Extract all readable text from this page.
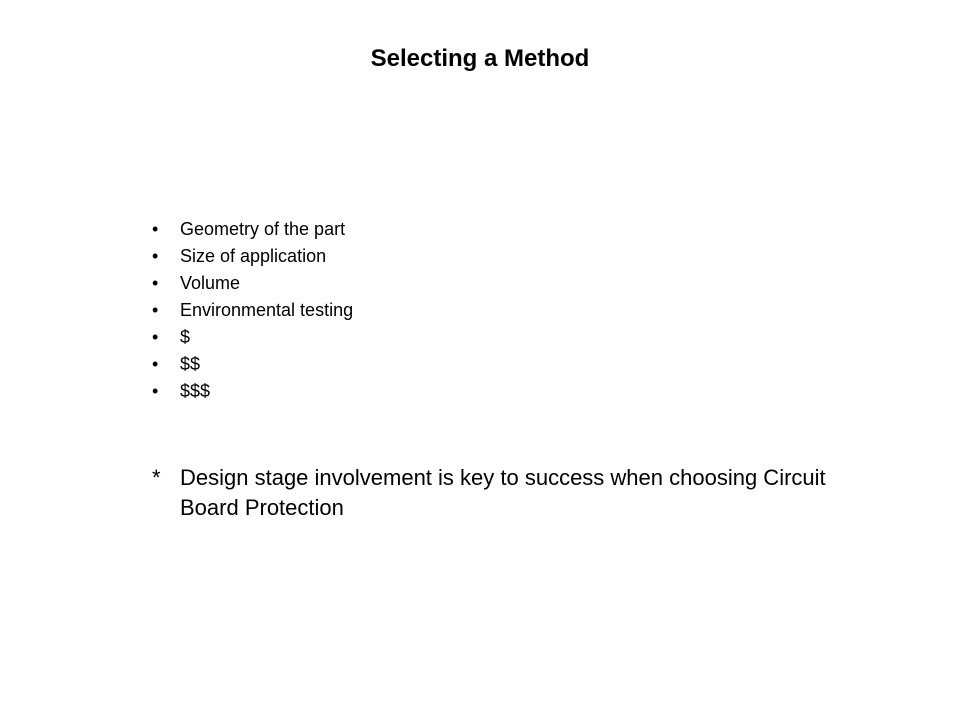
Selecting a Method
•	Geometry of the part
•	Size of application
•	Volume
•	Environmental testing
•	$
•	$$
•	$$$
* Design stage involvement is key to success when choosing Circuit Board Protection
